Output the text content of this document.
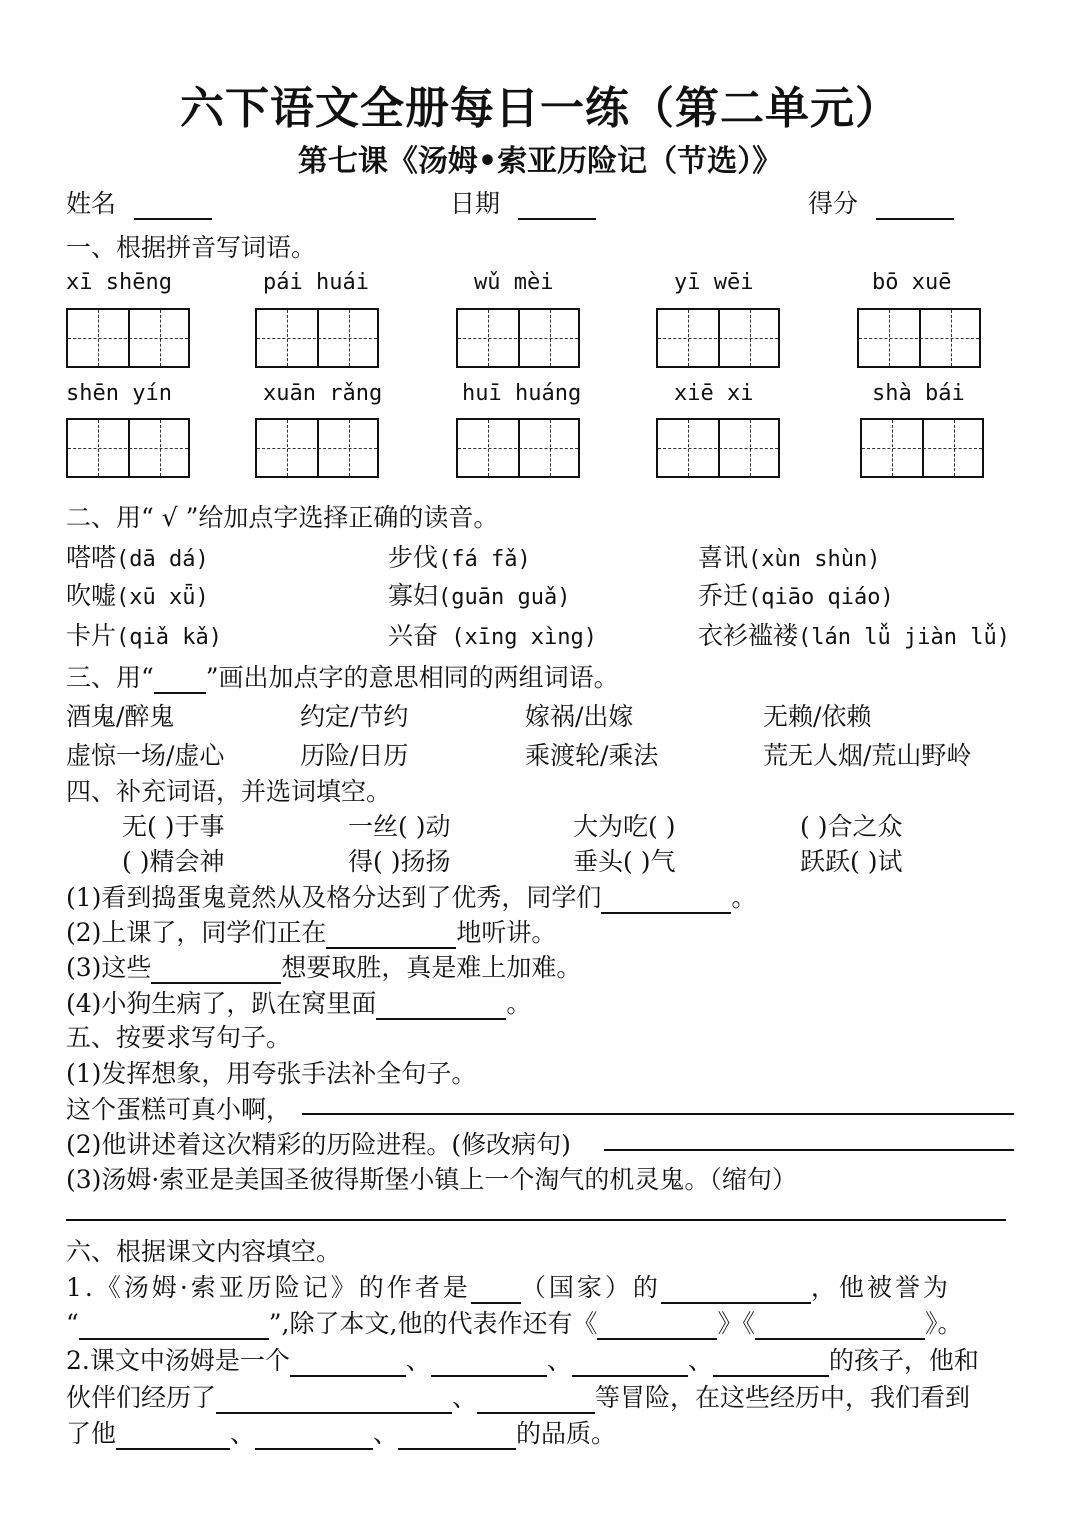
六下语文全册每日一练（第二单元）
第七课《汤姆•索亚历险记（节选）》
姓名	日期	得分
一、根据拼音写词语。
xī shēng	pái huái	wǔ mèi	yī wēi	bō xuē
shēn yín	xuān rǎng	huī huáng	xiē xi	shà bái
二、用“ √ ”给加点字选择正确的读音。
嗒嗒(dā dá)	步伐(fá fǎ)	喜讯(xùn shùn)
吹嘘(xū xǖ)	寡妇(guān guǎ)	乔迁(qiāo qiáo)
卡片(qiǎ kǎ)	兴奋 (xīng xìng)	衣衫褴褛(lán lǚ jiàn lǚ)
三、用“ ”画出加点字的意思相同的两组词语。
酒鬼/醉鬼	约定/节约	嫁祸/出嫁	无赖/依赖
虚惊一场/虚心	历险/日历	乘渡轮/乘法	荒无人烟/荒山野岭
四、补充词语，并选词填空。
无( )于事	一丝( )动	大为吃( )	( )合之众
( )精会神	得( )扬扬	垂头( )气	跃跃( )试
(1)看到捣蛋鬼竟然从及格分达到了优秀，同学们	。
(2)上课了，同学们正在	地听讲。
(3)这些	想要取胜，真是难上加难。
(4)小狗生病了，趴在窝里面	。
五、按要求写句子。
(1)发挥想象，用夸张手法补全句子。
这个蛋糕可真小啊，
(2)他讲述着这次精彩的历险进程。(修改病句)
(3)汤姆·索亚是美国圣彼得斯堡小镇上一个淘气的机灵鬼。（缩句）
六、根据课文内容填空。
1.《汤姆·索亚历险记》的作者是 （国家）的	，他被誉为
“	”,除了本文,他的代表作还有《	》《	》。
2.课文中汤姆是一个	、	、	、	的孩子，他和
伙伴们经历了	、	等冒险，在这些经历中，我们看到
了他	、	、	的品质。
